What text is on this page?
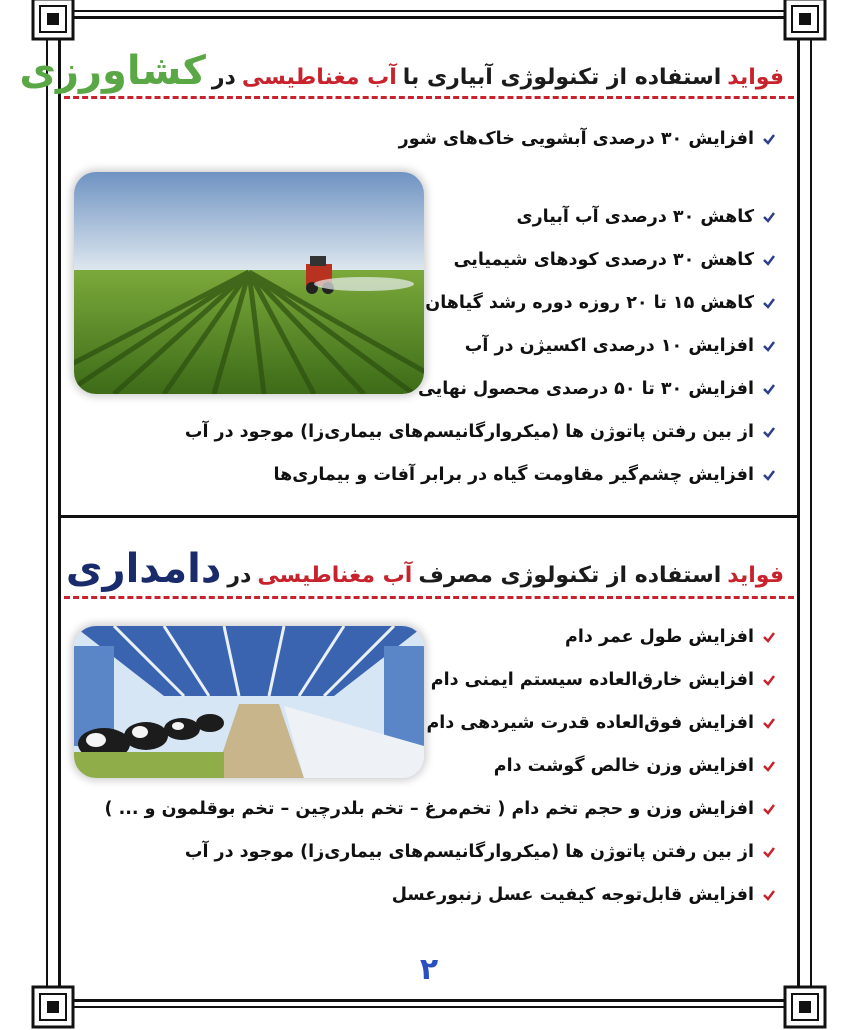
فواید
استفاده از تکنولوژی آبیاری با
آب مغناطیسی
در
کشاورزی
افزایش ۳۰ درصدی آبشویی خاک‌های شور
کاهش ۳۰ درصدی آب آبیاری
کاهش ۳۰ درصدی کودهای شیمیایی
کاهش ۱۵ تا ۲۰ روزه دوره رشد گیاهان
افزایش ۱۰ درصدی اکسیژن در آب
افزایش ۳۰ تا ۵۰ درصدی محصول نهایی
از بین رفتن پاتوژن ها (میکروارگانیسم‌های بیماری‌زا) موجود در آب
افزایش چشم‌گیر مقاومت گیاه در برابر آفات و بیماری‌ها
فواید
استفاده از تکنولوژی مصرف
آب مغناطیسی
در
دامداری
افزایش طول عمر دام
افزایش خارق‌العاده سیستم ایمنی دام
افزایش فوق‌العاده قدرت شیردهی دام
افزایش وزن خالص گوشت دام
افزایش وزن و حجم تخم دام ( تخم‌مرغ – تخم بلدرچین – تخم بوقلمون و ... )
از بین رفتن پاتوژن ها (میکروارگانیسم‌های بیماری‌زا) موجود در آب
افزایش قابل‌توجه کیفیت عسل زنبورعسل
۲
